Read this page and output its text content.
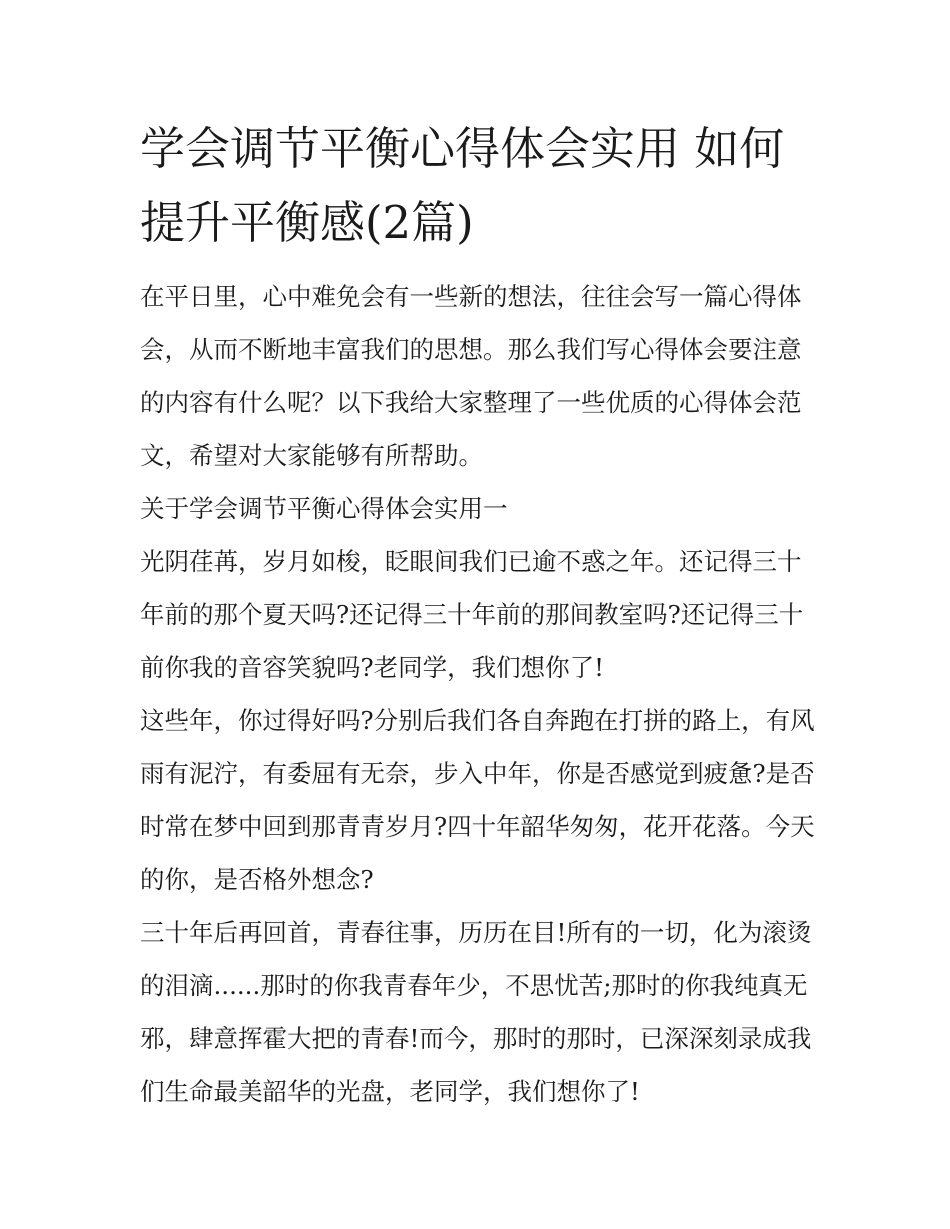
学会调节平衡心得体会实用 如何提升平衡感(2篇)

在平日里，心中难免会有一些新的想法，往往会写一篇心得体会，从而不断地丰富我们的思想。那么我们写心得体会要注意的内容有什么呢？以下我给大家整理了一些优质的心得体会范文，希望对大家能够有所帮助。

关于学会调节平衡心得体会实用一

光阴荏苒，岁月如梭，眨眼间我们已逾不惑之年。还记得三十年前的那个夏天吗?还记得三十年前的那间教室吗?还记得三十前你我的音容笑貌吗?老同学，我们想你了!

这些年，你过得好吗?分别后我们各自奔跑在打拼的路上，有风雨有泥泞，有委屈有无奈，步入中年，你是否感觉到疲惫?是否时常在梦中回到那青青岁月?四十年韶华匆匆，花开花落。今天的你，是否格外想念?

三十年后再回首，青春往事，历历在目!所有的一切，化为滚烫的泪滴......那时的你我青春年少，不思忧苦;那时的你我纯真无邪，肆意挥霍大把的青春!而今，那时的那时，已深深刻录成我们生命最美韶华的光盘，老同学，我们想你了!
